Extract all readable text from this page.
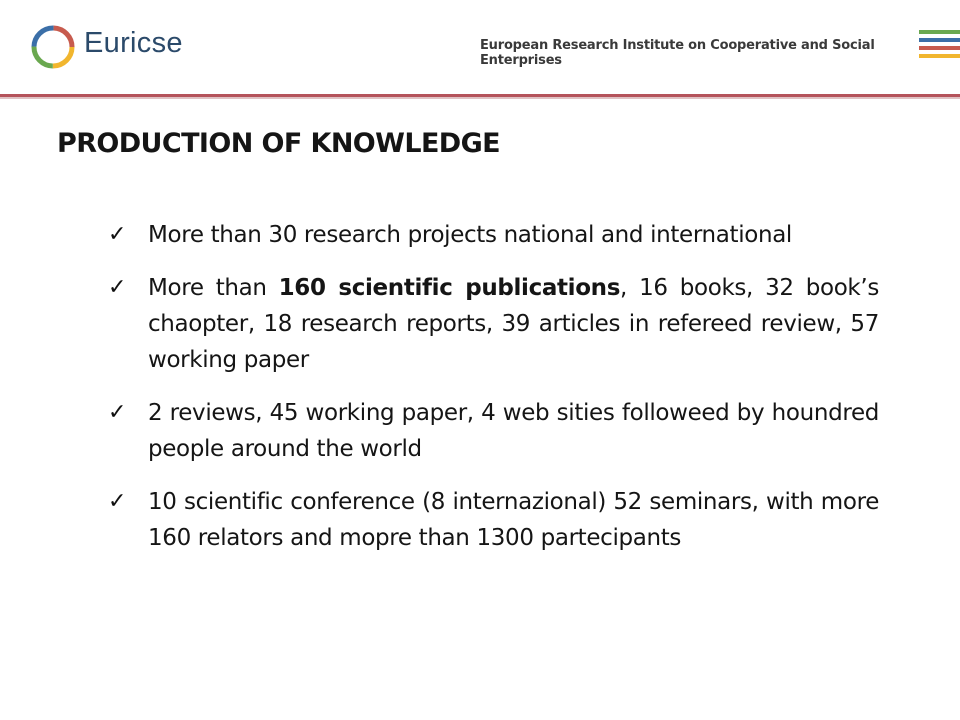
Euricse	European Research Institute on Cooperative and Social Enterprises
PRODUCTION OF KNOWLEDGE
✓ More than 30 research projects national and international
✓ More than 160 scientific publications, 16 books, 32 book’s chaopter, 18 research reports, 39 articles in refereed review, 57 working paper
✓ 2 reviews, 45 working paper, 4 web sities followeed by houndred people around the world
✓ 10 scientific conference (8 internazional) 52 seminars, with more 160 relators and mopre than 1300 partecipants
